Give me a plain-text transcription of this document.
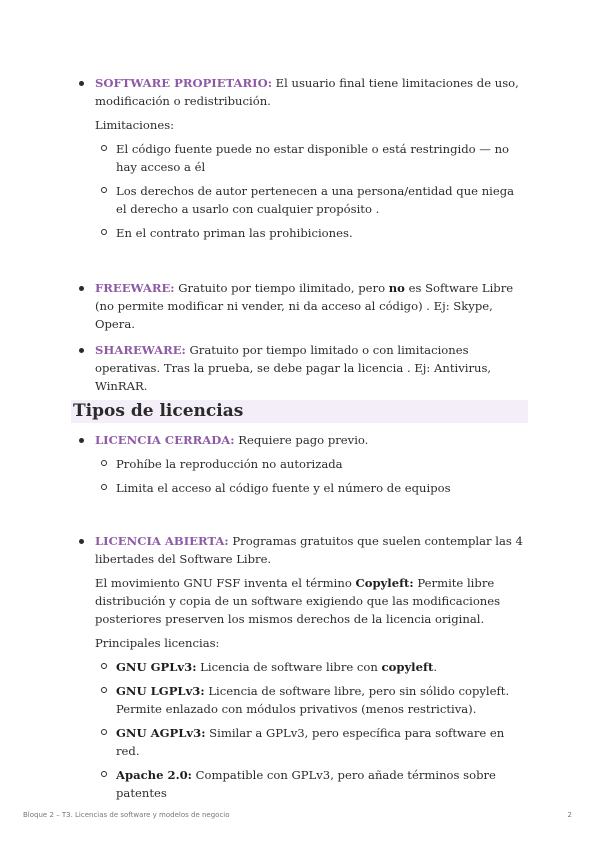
SOFTWARE PROPIETARIO: El usuario final tiene limitaciones de uso, modificación o redistribución.

Limitaciones:

El código fuente puede no estar disponible o está restringido — no hay acceso a él
Los derechos de autor pertenecen a una persona/entidad que niega el derecho a usarlo con cualquier propósito .
En el contrato priman las prohibiciones.
FREEWARE: Gratuito por tiempo ilimitado, pero no es Software Libre (no permite modificar ni vender, ni da acceso al código) . Ej: Skype, Opera.
SHAREWARE: Gratuito por tiempo limitado o con limitaciones operativas. Tras la prueba, se debe pagar la licencia . Ej: Antivirus, WinRAR.
Tipos de licencias
LICENCIA CERRADA: Requiere pago previo.
Prohíbe la reproducción no autorizada
Limita el acceso al código fuente y el número de equipos
LICENCIA ABIERTA: Programas gratuitos que suelen contemplar las 4 libertades del Software Libre.

El movimiento GNU FSF inventa el término Copyleft: Permite libre distribución y copia de un software exigiendo que las modificaciones posteriores preserven los mismos derechos de la licencia original.

Principales licencias:

GNU GPLv3: Licencia de software libre con copyleft.
GNU LGPLv3: Licencia de software libre, pero sin sólido copyleft. Permite enlazado con módulos privativos (menos restrictiva).
GNU AGPLv3: Similar a GPLv3, pero específica para software en red.
Apache 2.0: Compatible con GPLv3, pero añade términos sobre patentes
Bloque 2 – T3. Licencias de software y modelos de negocio	2
